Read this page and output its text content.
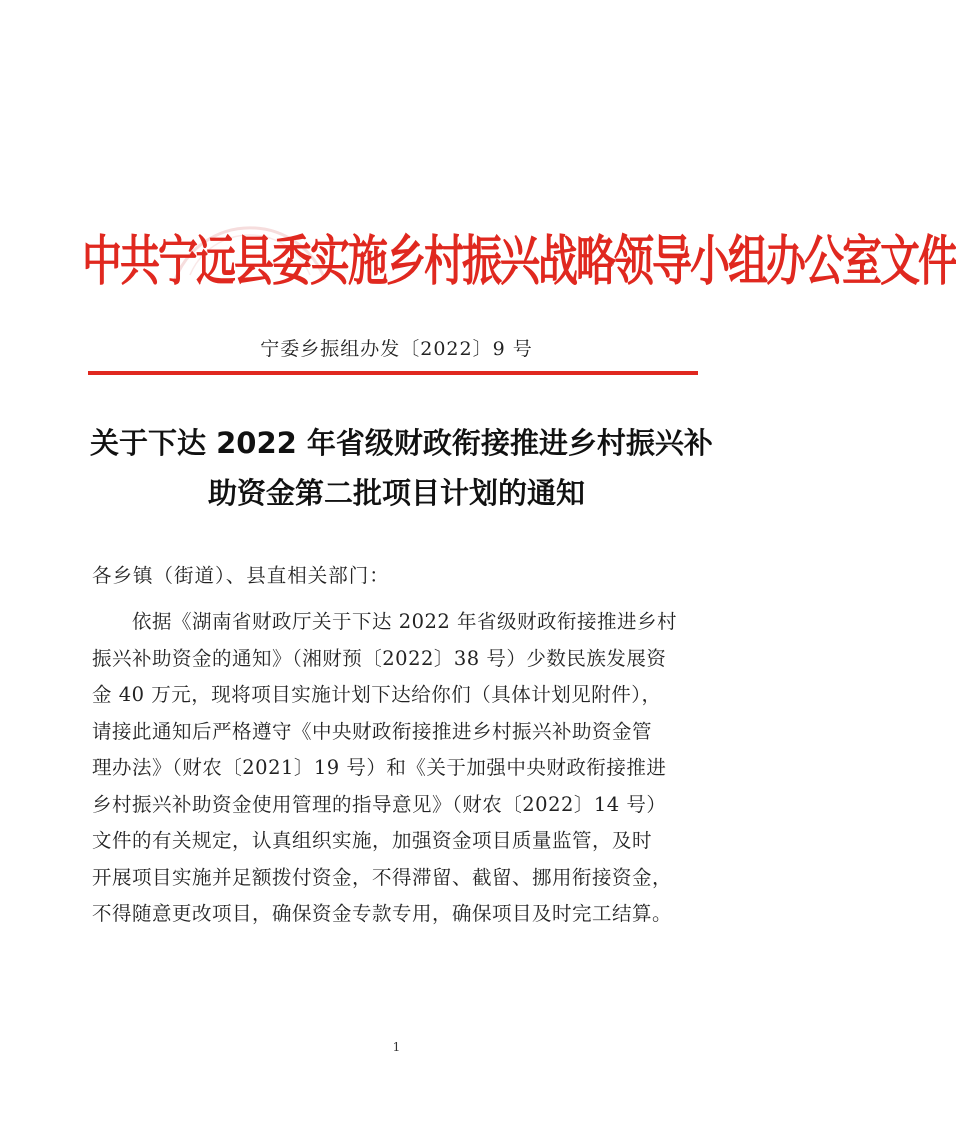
中共宁远县委实施乡村振兴战略领导小组办公室文件
宁委乡振组办发〔2022〕9 号
关于下达 2022 年省级财政衔接推进乡村振兴补
助资金第二批项目计划的通知
各乡镇（街道）、县直相关部门：
　　依据《湖南省财政厅关于下达 2022 年省级财政衔接推进乡村
振兴补助资金的通知》（湘财预〔2022〕38 号）少数民族发展资
金 40 万元，现将项目实施计划下达给你们（具体计划见附件），
请接此通知后严格遵守《中央财政衔接推进乡村振兴补助资金管
理办法》（财农〔2021〕19 号）和《关于加强中央财政衔接推进
乡村振兴补助资金使用管理的指导意见》（财农〔2022〕14 号）
文件的有关规定，认真组织实施，加强资金项目质量监管，及时
开展项目实施并足额拨付资金，不得滞留、截留、挪用衔接资金，
不得随意更改项目，确保资金专款专用，确保项目及时完工结算。
1
